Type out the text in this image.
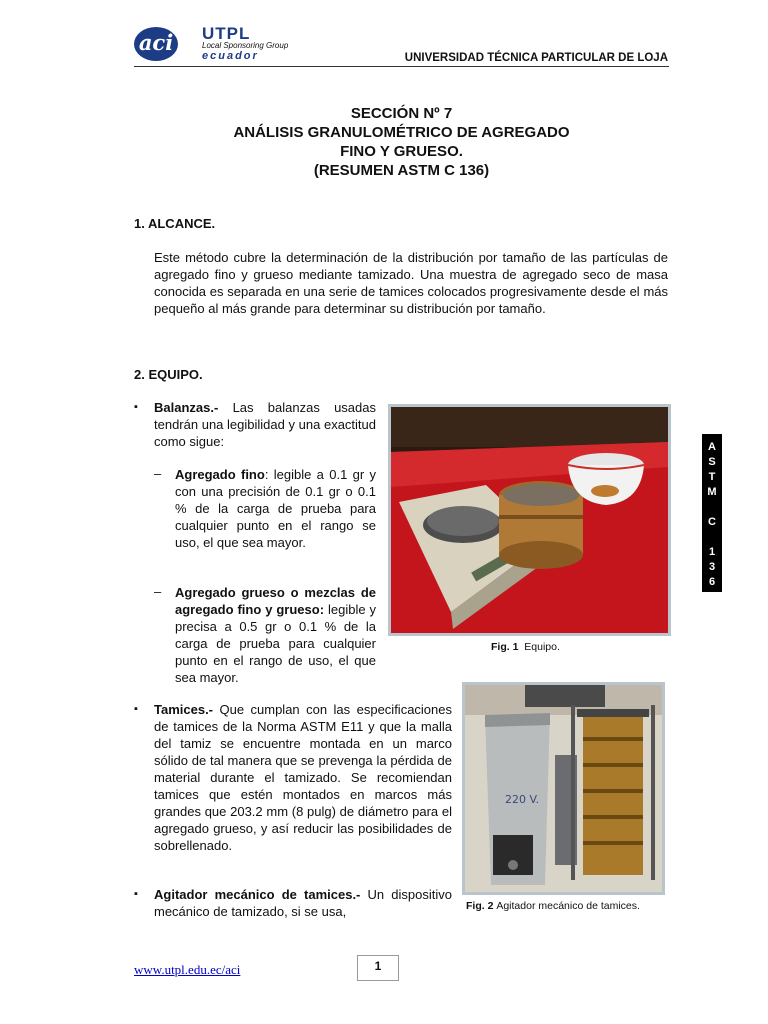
aci UTPL
Local Sponsoring Group
ecuador	UNIVERSIDAD TÉCNICA PARTICULAR DE LOJA
SECCIÓN Nº 7
ANÁLISIS GRANULOMÉTRICO DE AGREGADO
FINO Y GRUESO.
(RESUMEN ASTM C 136)
1. ALCANCE.
Este método cubre la determinación de la distribución por tamaño de las partículas de agregado fino y grueso mediante tamizado. Una muestra de agregado seco de masa conocida es separada en una serie de tamices colocados progresivamente desde el más pequeño al más grande para determinar su distribución por tamaño.
2. EQUIPO.
▪ Balanzas.- Las balanzas usadas tendrán una legibilidad y una exactitud como sigue:
– Agregado fino: legible a 0.1 gr y con una precisión de 0.1 gr o 0.1 % de la carga de prueba para cualquier punto en el rango se uso, el que sea mayor.
– Agregado grueso o mezclas de agregado fino y grueso: legible y precisa a 0.5 gr o 0.1 % de la carga de prueba para cualquier punto en el rango de uso, el que sea mayor.
▪ Tamices.- Que cumplan con las especificaciones de tamices de la Norma ASTM E11 y que la malla del tamiz se encuentre montada en un marco sólido de tal manera que se prevenga la pérdida de material durante el tamizado. Se recomiendan tamices que estén montados en marcos más grandes que 203.2 mm (8 pulg) de diámetro para el agregado grueso, y así reducir las posibilidades de sobrellenado.
▪ Agitador mecánico de tamices.- Un dispositivo mecánico de tamizado, si se usa,
Fig. 1 Equipo.
220 V.
Fig. 2 Agitador mecánico de tamices.
A
S
T
M

C

1
3
6
www.utpl.edu.ec/aci	1
